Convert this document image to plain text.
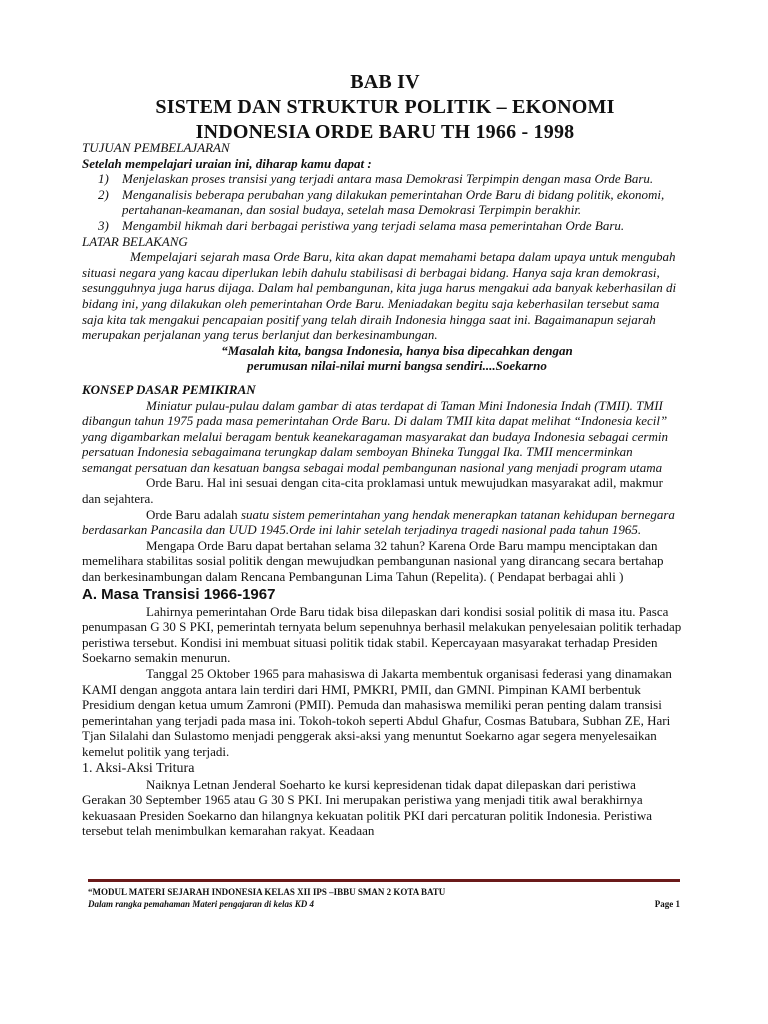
BAB IV
SISTEM DAN STRUKTUR POLITIK – EKONOMI
INDONESIA ORDE BARU TH 1966 - 1998

TUJUAN PEMBELAJARAN

Setelah mempelajari uraian ini, diharap kamu dapat :

1) Menjelaskan proses transisi yang terjadi antara masa Demokrasi Terpimpin dengan masa Orde Baru.
2) Menganalisis beberapa perubahan yang dilakukan pemerintahan Orde Baru di bidang politik, ekonomi, pertahanan-keamanan, dan sosial budaya, setelah masa Demokrasi Terpimpin berakhir.
3) Mengambil hikmah dari berbagai peristiwa yang terjadi selama masa pemerintahan Orde Baru.

LATAR BELAKANG

Mempelajari sejarah masa Orde Baru, kita akan dapat memahami betapa dalam upaya untuk mengubah situasi negara yang kacau diperlukan lebih dahulu stabilisasi di berbagai bidang. Hanya saja kran demokrasi, sesungguhnya juga harus dijaga. Dalam hal pembangunan, kita juga harus mengakui ada banyak keberhasilan di bidang ini, yang dilakukan oleh pemerintahan Orde Baru. Meniadakan begitu saja keberhasilan tersebut sama saja kita tak mengakui pencapaian positif yang telah diraih Indonesia hingga saat ini. Bagaimanapun sejarah merupakan perjalanan yang terus berlanjut dan berkesinambungan.

“Masalah kita, bangsa Indonesia, hanya bisa dipecahkan dengan

perumusan nilai-nilai murni bangsa sendiri....Soekarno

KONSEP DASAR PEMIKIRAN

Miniatur pulau-pulau dalam gambar di atas terdapat di Taman Mini Indonesia Indah (TMII). TMII dibangun tahun 1975 pada masa pemerintahan Orde Baru. Di dalam TMII kita dapat melihat “Indonesia kecil” yang digambarkan melalui beragam bentuk keanekaragaman masyarakat dan budaya Indonesia sebagai cermin persatuan Indonesia sebagaimana terungkap dalam semboyan Bhineka Tunggal Ika. TMII mencerminkan semangat persatuan dan kesatuan bangsa sebagai modal pembangunan nasional yang menjadi program utama

Orde Baru. Hal ini sesuai dengan cita-cita proklamasi untuk mewujudkan masyarakat adil, makmur dan sejahtera.

Orde Baru adalah suatu sistem pemerintahan yang hendak menerapkan tatanan kehidupan bernegara berdasarkan Pancasila dan UUD 1945.Orde ini lahir setelah terjadinya tragedi nasional pada tahun 1965.

Mengapa Orde Baru dapat bertahan selama 32 tahun? Karena Orde Baru mampu menciptakan dan memelihara stabilitas sosial politik dengan mewujudkan pembangunan nasional yang dirancang secara bertahap dan berkesinambungan dalam Rencana Pembangunan Lima Tahun (Repelita). ( Pendapat berbagai ahli )

A. Masa Transisi 1966-1967

Lahirnya pemerintahan Orde Baru tidak bisa dilepaskan dari kondisi sosial politik di masa itu. Pasca penumpasan G 30 S PKI, pemerintah ternyata belum sepenuhnya berhasil melakukan penyelesaian politik terhadap peristiwa tersebut. Kondisi ini membuat situasi politik tidak stabil. Kepercayaan masyarakat terhadap Presiden Soekarno semakin menurun.

Tanggal 25 Oktober 1965 para mahasiswa di Jakarta membentuk organisasi federasi yang dinamakan KAMI dengan anggota antara lain terdiri dari HMI, PMKRI, PMII, dan GMNI. Pimpinan KAMI berbentuk Presidium dengan ketua umum Zamroni (PMII). Pemuda dan mahasiswa memiliki peran penting dalam transisi pemerintahan yang terjadi pada masa ini. Tokoh-tokoh seperti Abdul Ghafur, Cosmas Batubara, Subhan ZE, Hari Tjan Silalahi dan Sulastomo menjadi penggerak aksi-aksi yang menuntut Soekarno agar segera menyelesaikan kemelut politik yang terjadi.

1. Aksi-Aksi Tritura

Naiknya Letnan Jenderal Soeharto ke kursi kepresidenan tidak dapat dilepaskan dari peristiwa Gerakan 30 September 1965 atau G 30 S PKI. Ini merupakan peristiwa yang menjadi titik awal berakhirnya kekuasaan Presiden Soekarno dan hilangnya kekuatan politik PKI dari percaturan politik Indonesia. Peristiwa tersebut telah menimbulkan kemarahan rakyat. Keadaan

“MODUL MATERI SEJARAH INDONESIA KELAS XII IPS –IBBU SMAN 2 KOTA BATU
Dalam rangka pemahaman Materi pengajaran di kelas KD 4	Page 1
